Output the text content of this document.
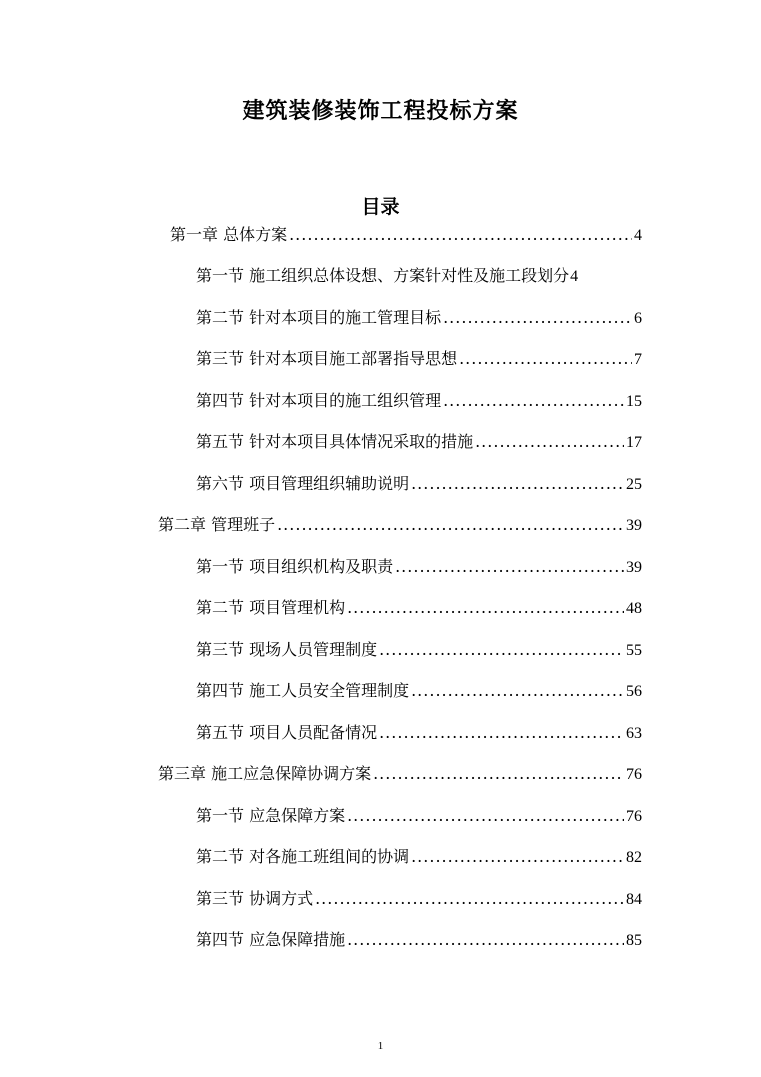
建筑装修装饰工程投标方案
目录
第一章 总体方案 .....	4
第一节 施工组织总体设想、方案针对性及施工段划分 4
第二节 针对本项目的施工管理目标 .....	6
第三节 针对本项目施工部署指导思想 .....	7
第四节 针对本项目的施工组织管理 .....	15
第五节 针对本项目具体情况采取的措施 .....	17
第六节 项目管理组织辅助说明 .....	25
第二章 管理班子 .....	39
第一节 项目组织机构及职责 .....	39
第二节 项目管理机构 .....	48
第三节 现场人员管理制度 .....	55
第四节 施工人员安全管理制度 .....	56
第五节 项目人员配备情况 .....	63
第三章 施工应急保障协调方案 .....	76
第一节 应急保障方案 .....	76
第二节 对各施工班组间的协调 .....	82
第三节 协调方式 .....	84
第四节 应急保障措施 .....	85
1
